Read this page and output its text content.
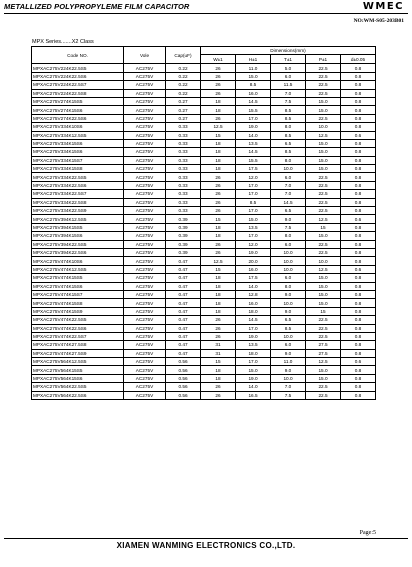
METALLIZED POLYPROPYLEME FILM CAPACITOR	WMEC
NO:WM-S05-203B01
MPX Series.......X2 Class
Code NO.	Vole	Cap(uF)	Dimensions(mm)				
			W±1	H±1	T±1	P±1	d±0.05
MPXAC275V224K22.5S5	AC275V	0.22	26	11.0	5.0	22.5	0.8
MPXAC275V224K22.5S6	AC275V	0.22	26	15.0	6.0	22.5	0.8
MPXAC275V224K22.5S7	AC275V	0.22	26	8.5	11.5	22.5	0.8
MPXAC275V224K22.5S8	AC275V	0.22	26	16.0	7.0	22.5	0.8
MPXAC275V274K15S5	AC275V	0.27	18	14.5	7.5	15.0	0.8
MPXAC275V274K15S6	AC275V	0.27	18	15.5	8.5	15.0	0.8
MPXAC275V274K22.5S6	AC275V	0.27	26	17.0	8.5	22.5	0.8
MPXAC275V334K10S6	AC275V	0.33	12.5	19.0	8.0	10.0	0.8
MPXAC275V334K12.5S5	AC275V	0.33	15	14.0	8.5	12.5	0.6
MPXAC275V334K15S6	AC275V	0.33	18	13.5	6.5	15.0	0.8
MPXAC275V334K15S6	AC275V	0.33	18	14.5	8.5	15.0	0.8
MPXAC275V334K15S7	AC275V	0.33	18	15.5	8.0	15.0	0.8
MPXAC275V334K15S8	AC275V	0.33	18	17.5	10.0	15.0	0.8
MPXAC275V334K22.5S5	AC275V	0.33	26	12.0	6.0	22.5	0.8
MPXAC275V334K22.5S6	AC275V	0.33	26	17.0	7.0	22.5	0.8
MPXAC275V334K22.5S7	AC275V	0.33	26	17.0	7.0	22.5	0.8
MPXAC275V334K22.5S8	AC275V	0.33	26	8.5	14.5	22.5	0.8
MPXAC275V334K22.5S9	AC275V	0.33	26	17.0	6.5	22.5	0.8
MPXAC275V394K12.5S5	AC275V	0.39	15	15.0	9.0	12.5	0.6
MPXAC275V394K15S5	AC275V	0.39	18	13.5	7.5	15	0.8
MPXAC275V394K15S6	AC275V	0.39	18	17.0	8.0	15.0	0.8
MPXAC275V394K22.5S5	AC275V	0.39	26	12.0	6.0	22.5	0.8
MPXAC275V394K22.5S6	AC275V	0.39	26	19.0	10.0	22.5	0.8
MPXAC275V474K10S6	AC275V	0.47	12.5	20.0	10.0	10.0	0.8
MPXAC275V474K12.5S5	AC275V	0.47	15	16.0	10.0	12.5	0.6
MPXAC275V474K15S5	AC275V	0.47	18	17.5	6.0	15.0	0.8
MPXAC275V474K15S6	AC275V	0.47	18	14.0	8.0	15.0	0.8
MPXAC275V474K15S7	AC275V	0.47	18	12.8	9.0	15.0	0.8
MPXAC275V474K15S8	AC275V	0.47	18	16.0	10.0	15.0	0.8
MPXAC275V474K15S9	AC275V	0.47	18	18.0	9.0	15	0.8
MPXAC275V474K22.5S5	AC275V	0.47	26	14.5	6.5	22.5	0.8
MPXAC275V474K22.5S6	AC275V	0.47	26	17.0	8.5	22.5	0.8
MPXAC275V474K22.5S7	AC275V	0.47	26	19.0	10.0	22.5	0.8
MPXAC275V474K27.5S8	AC275V	0.47	31	13.5	6.0	27.5	0.8
MPXAC275V474K27.5S9	AC275V	0.47	31	18.0	9.0	27.5	0.8
MPXAC275V564K12.5S5	AC275V	0.56	15	17.0	11.0	12.5	0.6
MPXAC275V564K15S5	AC275V	0.56	18	15.0	9.0	15.0	0.8
MPXAC275V564K15S6	AC275V	0.56	18	19.0	10.0	15.0	0.8
MPXAC275V564K22.5S5	AC275V	0.56	26	14.0	7.0	22.5	0.8
MPXAC275V564K22.5S6	AC275V	0.56	26	16.5	7.5	22.5	0.8
Page:5
XIAMEN WANMING ELECTRONICS CO.,LTD.
